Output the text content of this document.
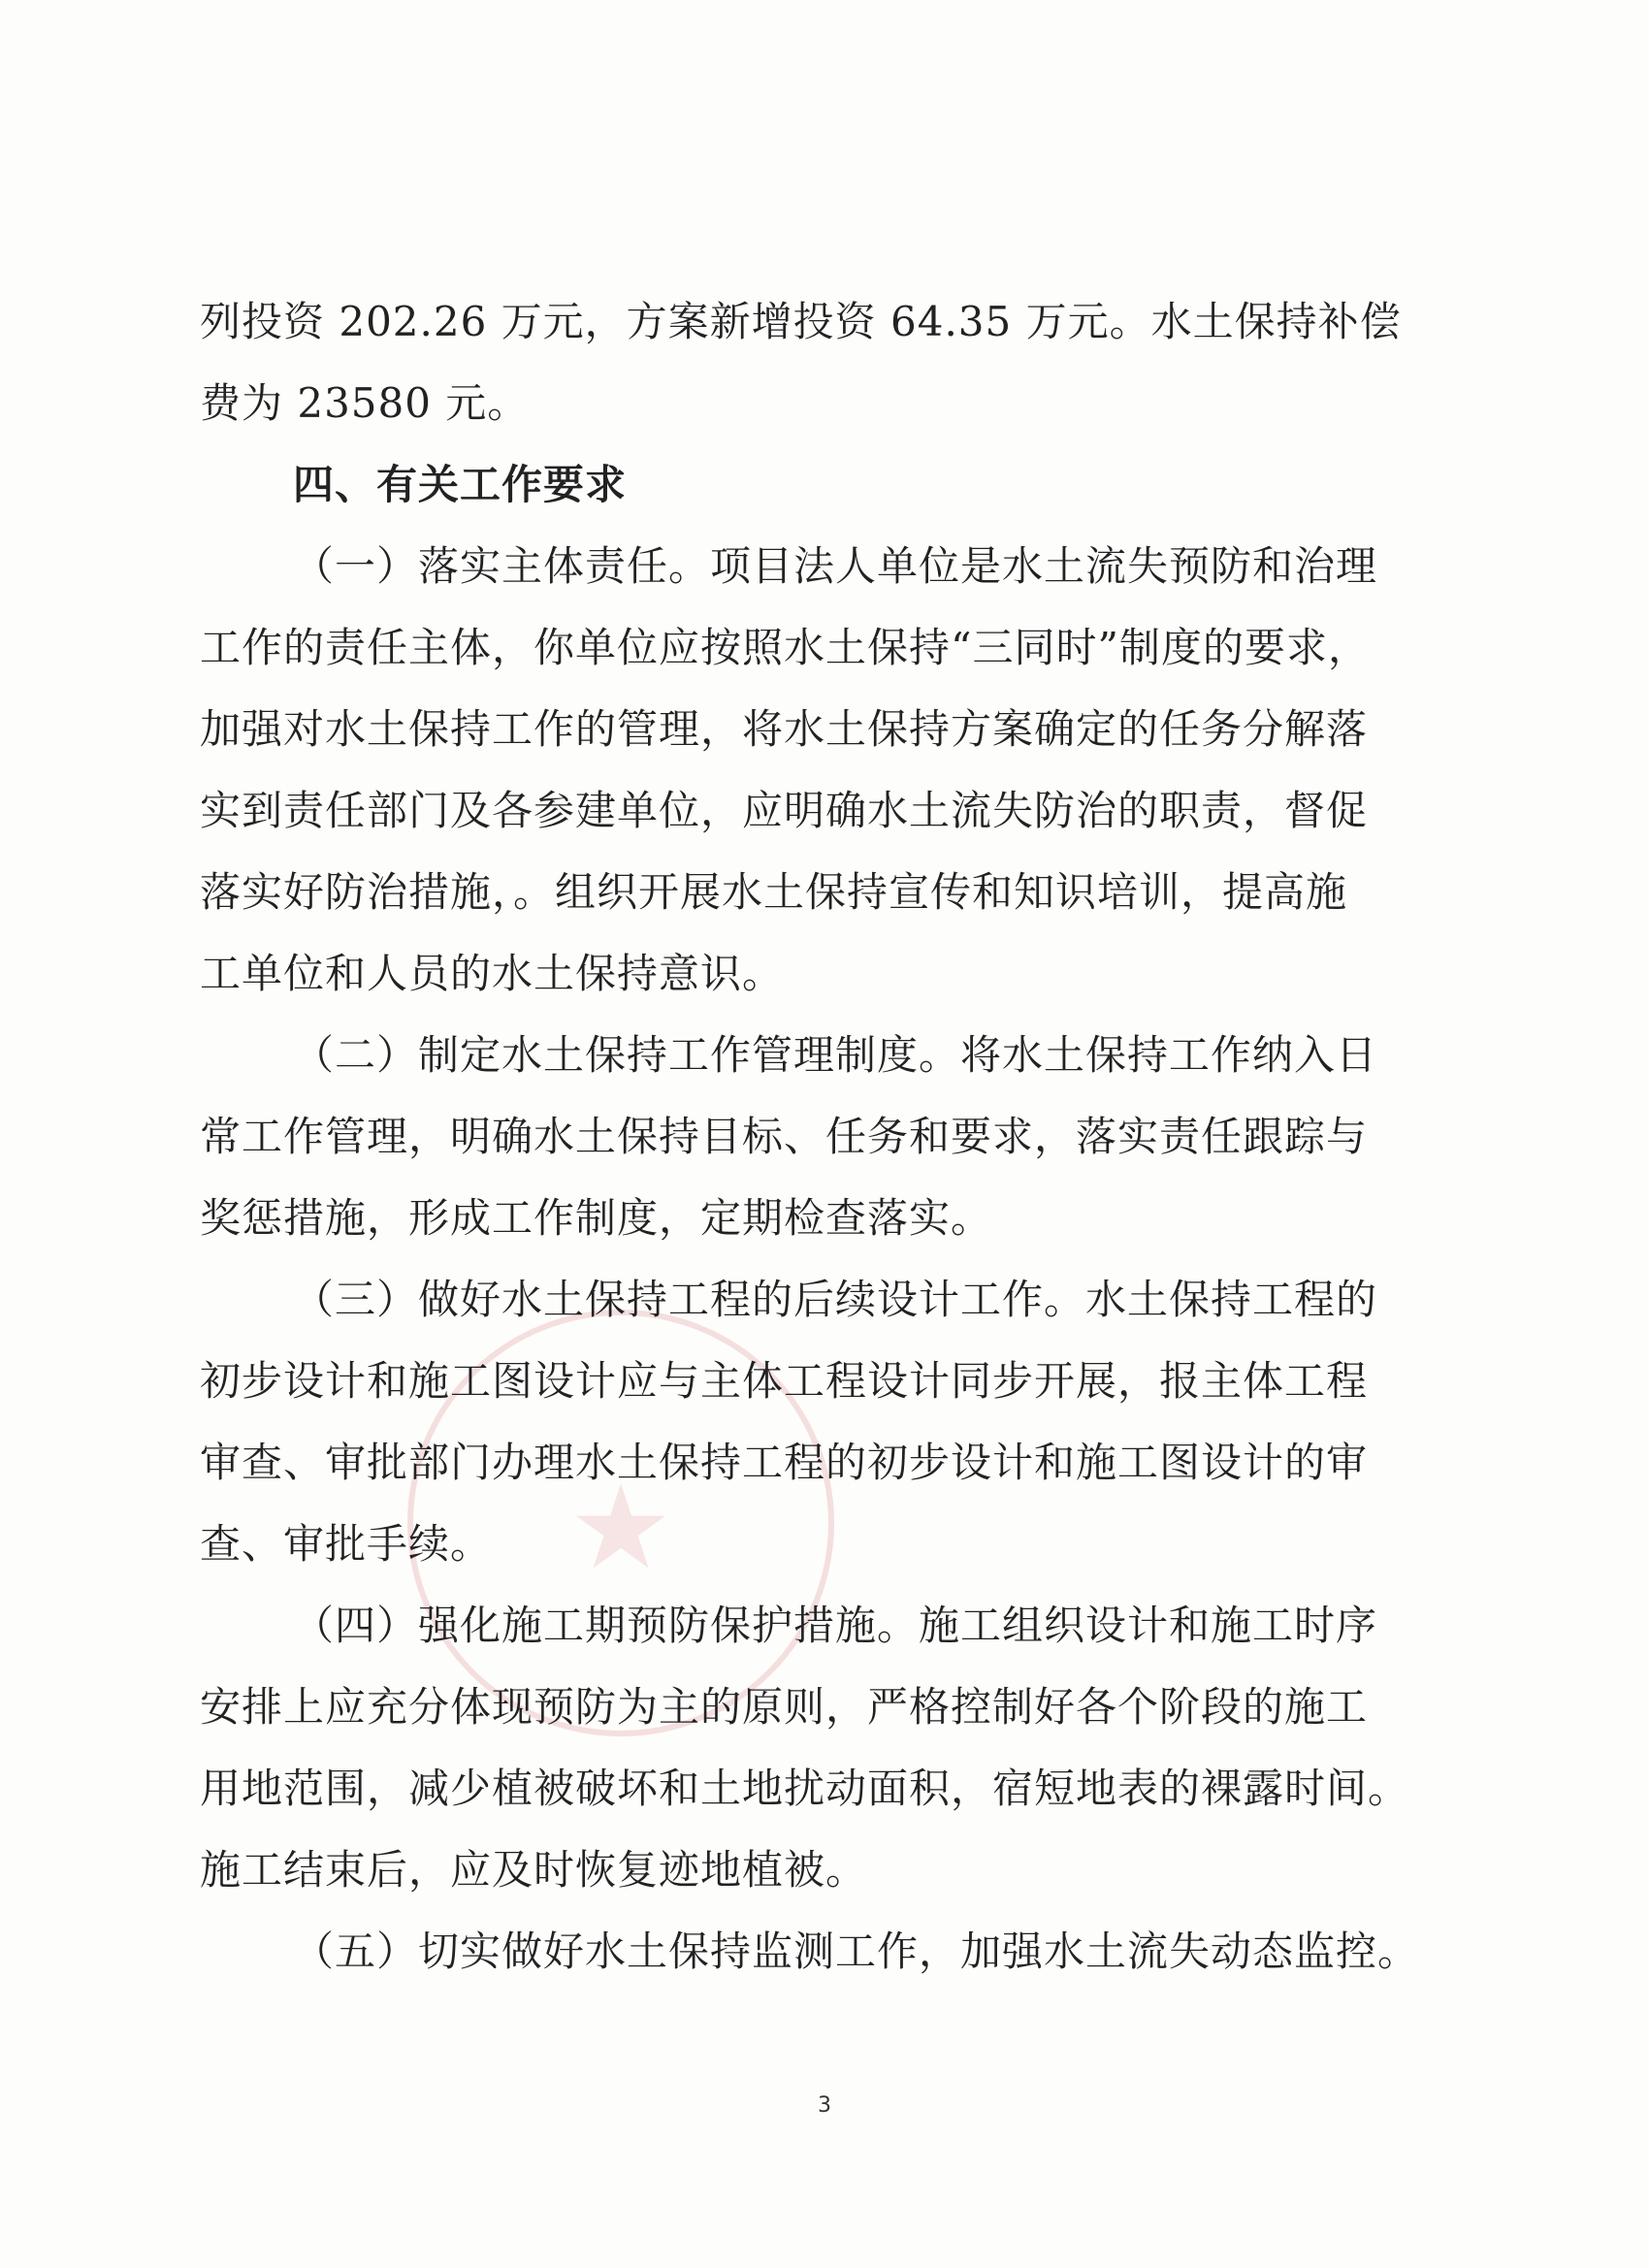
★
列投资 202.26 万元，方案新增投资 64.35 万元。水土保持补偿
费为 23580 元。
四、有关工作要求
（一）落实主体责任。项目法人单位是水土流失预防和治理
工作的责任主体，你单位应按照水土保持“三同时”制度的要求，
加强对水土保持工作的管理，将水土保持方案确定的任务分解落
实到责任部门及各参建单位，应明确水土流失防治的职责，督促
落实好防治措施，。组织开展水土保持宣传和知识培训，提高施
工单位和人员的水土保持意识。
（二）制定水土保持工作管理制度。将水土保持工作纳入日
常工作管理，明确水土保持目标、任务和要求，落实责任跟踪与
奖惩措施，形成工作制度，定期检查落实。
（三）做好水土保持工程的后续设计工作。水土保持工程的
初步设计和施工图设计应与主体工程设计同步开展，报主体工程
审查、审批部门办理水土保持工程的初步设计和施工图设计的审
查、审批手续。
（四）强化施工期预防保护措施。施工组织设计和施工时序
安排上应充分体现预防为主的原则，严格控制好各个阶段的施工
用地范围，减少植被破坏和土地扰动面积，宿短地表的裸露时间。
施工结束后，应及时恢复迹地植被。
（五）切实做好水土保持监测工作，加强水土流失动态监控。
3
